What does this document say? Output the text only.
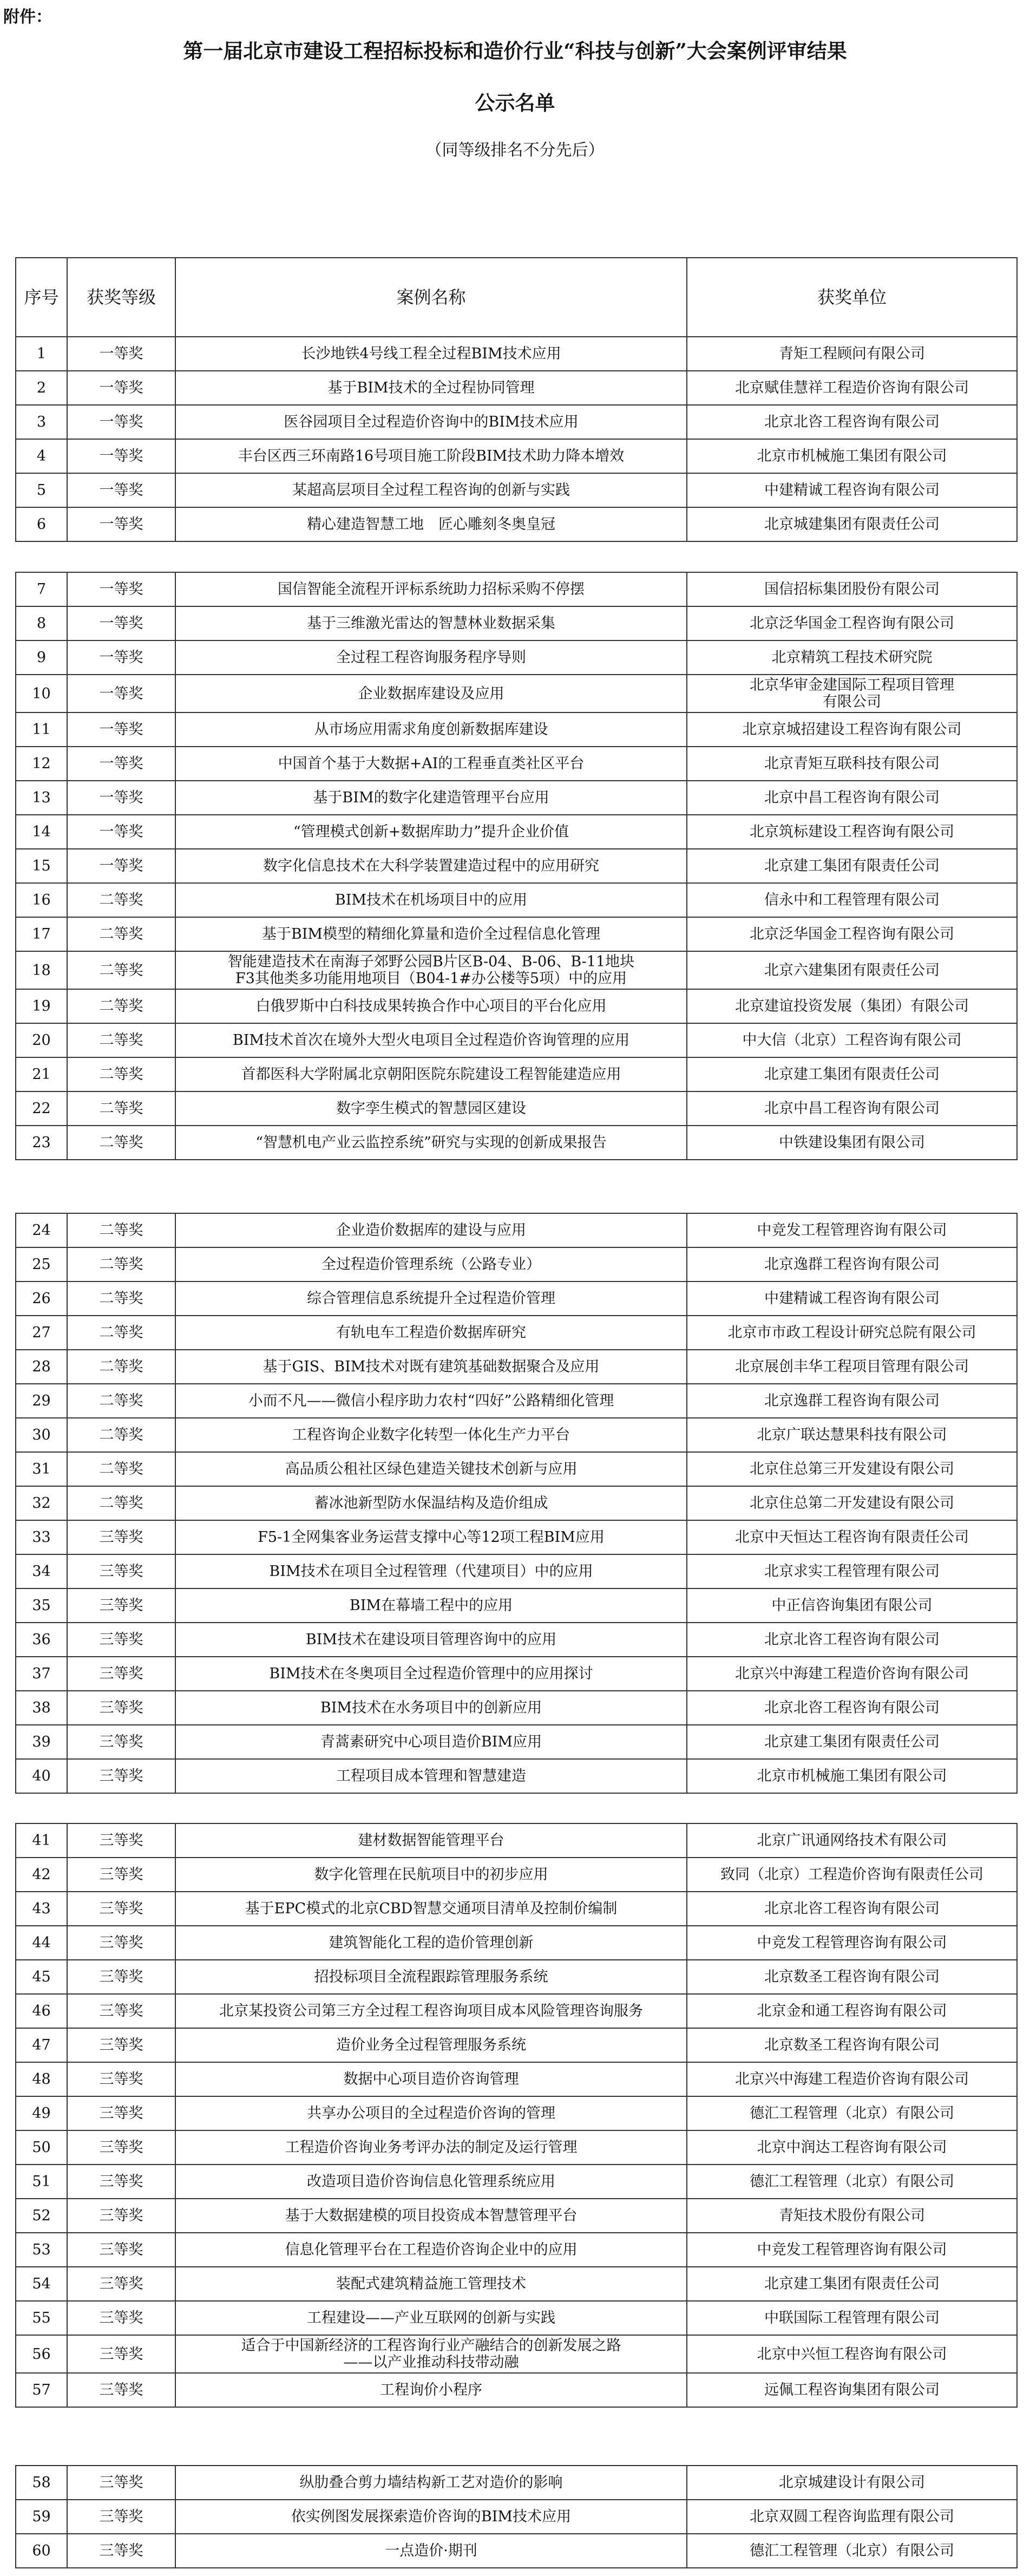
附件：
第一届北京市建设工程招标投标和造价行业“科技与创新”大会案例评审结果
公示名单
（同等级排名不分先后）
序号	获奖等级	案例名称	获奖单位
1	一等奖	长沙地铁4号线工程全过程BIM技术应用	青矩工程顾问有限公司
2	一等奖	基于BIM技术的全过程协同管理	北京赋佳慧祥工程造价咨询有限公司
3	一等奖	医谷园项目全过程造价咨询中的BIM技术应用	北京北咨工程咨询有限公司
4	一等奖	丰台区西三环南路16号项目施工阶段BIM技术助力降本增效	北京市机械施工集团有限公司
5	一等奖	某超高层项目全过程工程咨询的创新与实践	中建精诚工程咨询有限公司
6	一等奖	精心建造智慧工地　匠心雕刻冬奥皇冠	北京城建集团有限责任公司
7	一等奖	国信智能全流程开评标系统助力招标采购不停摆	国信招标集团股份有限公司
8	一等奖	基于三维激光雷达的智慧林业数据采集	北京泛华国金工程咨询有限公司
9	一等奖	全过程工程咨询服务程序导则	北京精筑工程技术研究院
10	一等奖	企业数据库建设及应用	北京华审金建国际工程项目管理
有限公司
11	一等奖	从市场应用需求角度创新数据库建设	北京京城招建设工程咨询有限公司
12	一等奖	中国首个基于大数据+AI的工程垂直类社区平台	北京青矩互联科技有限公司
13	一等奖	基于BIM的数字化建造管理平台应用	北京中昌工程咨询有限公司
14	一等奖	“管理模式创新+数据库助力”提升企业价值	北京筑标建设工程咨询有限公司
15	一等奖	数字化信息技术在大科学装置建造过程中的应用研究	北京建工集团有限责任公司
16	二等奖	BIM技术在机场项目中的应用	信永中和工程管理有限公司
17	二等奖	基于BIM模型的精细化算量和造价全过程信息化管理	北京泛华国金工程咨询有限公司
18	二等奖	智能建造技术在南海子郊野公园B片区B-04、B-06、B-11地块
F3其他类多功能用地项目（B04-1#办公楼等5项）中的应用	北京六建集团有限责任公司
19	二等奖	白俄罗斯中白科技成果转换合作中心项目的平台化应用	北京建谊投资发展（集团）有限公司
20	二等奖	BIM技术首次在境外大型火电项目全过程造价咨询管理的应用	中大信（北京）工程咨询有限公司
21	二等奖	首都医科大学附属北京朝阳医院东院建设工程智能建造应用	北京建工集团有限责任公司
22	二等奖	数字孪生模式的智慧园区建设	北京中昌工程咨询有限公司
23	二等奖	“智慧机电产业云监控系统”研究与实现的创新成果报告	中铁建设集团有限公司
24	二等奖	企业造价数据库的建设与应用	中竞发工程管理咨询有限公司
25	二等奖	全过程造价管理系统（公路专业）	北京逸群工程咨询有限公司
26	二等奖	综合管理信息系统提升全过程造价管理	中建精诚工程咨询有限公司
27	二等奖	有轨电车工程造价数据库研究	北京市市政工程设计研究总院有限公司
28	二等奖	基于GIS、BIM技术对既有建筑基础数据聚合及应用	北京展创丰华工程项目管理有限公司
29	二等奖	小而不凡——微信小程序助力农村“四好”公路精细化管理	北京逸群工程咨询有限公司
30	二等奖	工程咨询企业数字化转型一体化生产力平台	北京广联达慧果科技有限公司
31	二等奖	高品质公租社区绿色建造关键技术创新与应用	北京住总第三开发建设有限公司
32	二等奖	蓄冰池新型防水保温结构及造价组成	北京住总第二开发建设有限公司
33	三等奖	F5-1全网集客业务运营支撑中心等12项工程BIM应用	北京中天恒达工程咨询有限责任公司
34	三等奖	BIM技术在项目全过程管理（代建项目）中的应用	北京求实工程管理有限公司
35	三等奖	BIM在幕墙工程中的应用	中正信咨询集团有限公司
36	三等奖	BIM技术在建设项目管理咨询中的应用	北京北咨工程咨询有限公司
37	三等奖	BIM技术在冬奥项目全过程造价管理中的应用探讨	北京兴中海建工程造价咨询有限公司
38	三等奖	BIM技术在水务项目中的创新应用	北京北咨工程咨询有限公司
39	三等奖	青蒿素研究中心项目造价BIM应用	北京建工集团有限责任公司
40	三等奖	工程项目成本管理和智慧建造	北京市机械施工集团有限公司
41	三等奖	建材数据智能管理平台	北京广讯通网络技术有限公司
42	三等奖	数字化管理在民航项目中的初步应用	致同（北京）工程造价咨询有限责任公司
43	三等奖	基于EPC模式的北京CBD智慧交通项目清单及控制价编制	北京北咨工程咨询有限公司
44	三等奖	建筑智能化工程的造价管理创新	中竞发工程管理咨询有限公司
45	三等奖	招投标项目全流程跟踪管理服务系统	北京数圣工程咨询有限公司
46	三等奖	北京某投资公司第三方全过程工程咨询项目成本风险管理咨询服务	北京金和通工程咨询有限公司
47	三等奖	造价业务全过程管理服务系统	北京数圣工程咨询有限公司
48	三等奖	数据中心项目造价咨询管理	北京兴中海建工程造价咨询有限公司
49	三等奖	共享办公项目的全过程造价咨询的管理	德汇工程管理（北京）有限公司
50	三等奖	工程造价咨询业务考评办法的制定及运行管理	北京中润达工程咨询有限公司
51	三等奖	改造项目造价咨询信息化管理系统应用	德汇工程管理（北京）有限公司
52	三等奖	基于大数据建模的项目投资成本智慧管理平台	青矩技术股份有限公司
53	三等奖	信息化管理平台在工程造价咨询企业中的应用	中竞发工程管理咨询有限公司
54	三等奖	装配式建筑精益施工管理技术	北京建工集团有限责任公司
55	三等奖	工程建设——产业互联网的创新与实践	中联国际工程管理有限公司
56	三等奖	适合于中国新经济的工程咨询行业产融结合的创新发展之路
——以产业推动科技带动融	北京中兴恒工程咨询有限公司
57	三等奖	工程询价小程序	远佩工程咨询集团有限公司
58	三等奖	纵肋叠合剪力墙结构新工艺对造价的影响	北京城建设计有限公司
59	三等奖	依实例图发展探索造价咨询的BIM技术应用	北京双圆工程咨询监理有限公司
60	三等奖	一点造价·期刊	德汇工程管理（北京）有限公司
